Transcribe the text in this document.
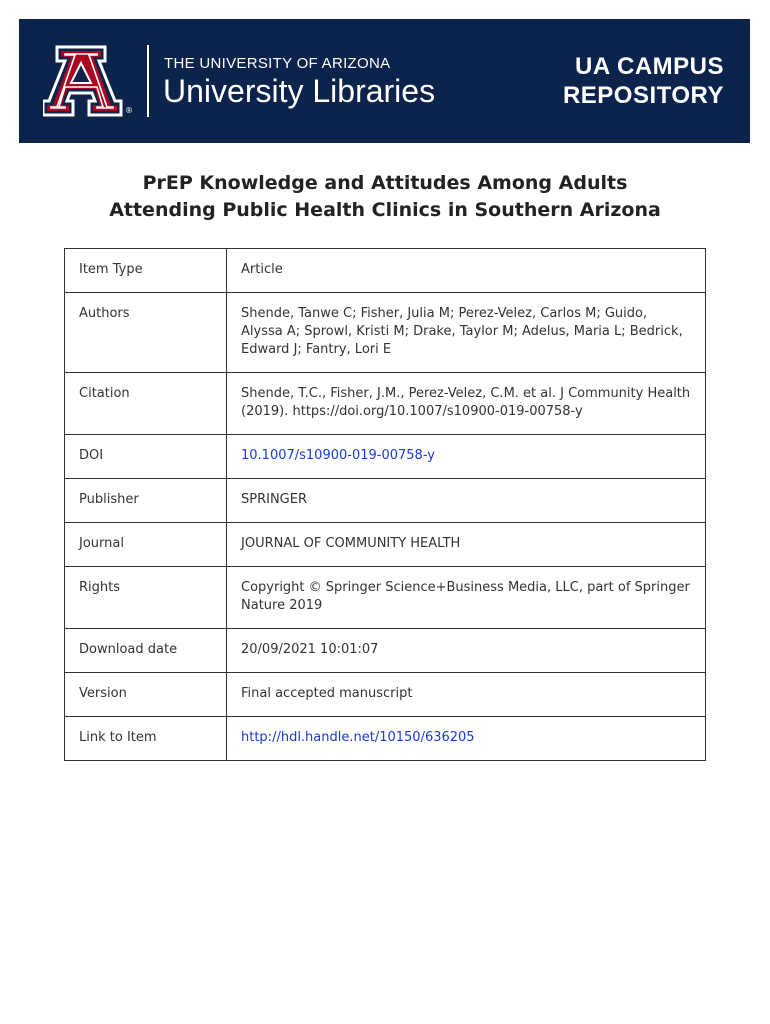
®
THE UNIVERSITY OF ARIZONA
University Libraries
UA CAMPUS
REPOSITORY
PrEP Knowledge and Attitudes Among Adults
Attending Public Health Clinics in Southern Arizona
Item Type	Article
Authors	Shende, Tanwe C; Fisher, Julia M; Perez-Velez, Carlos M; Guido, Alyssa A; Sprowl, Kristi M; Drake, Taylor M; Adelus, Maria L; Bedrick, Edward J; Fantry, Lori E
Citation	Shende, T.C., Fisher, J.M., Perez-Velez, C.M. et al. J Community Health (2019). https://doi.org/10.1007/s10900-019-00758-y
DOI	10.1007/s10900-019-00758-y
Publisher	SPRINGER
Journal	JOURNAL OF COMMUNITY HEALTH
Rights	Copyright © Springer Science+Business Media, LLC, part of Springer Nature 2019
Download date	20/09/2021 10:01:07
Version	Final accepted manuscript
Link to Item	http://hdl.handle.net/10150/636205
